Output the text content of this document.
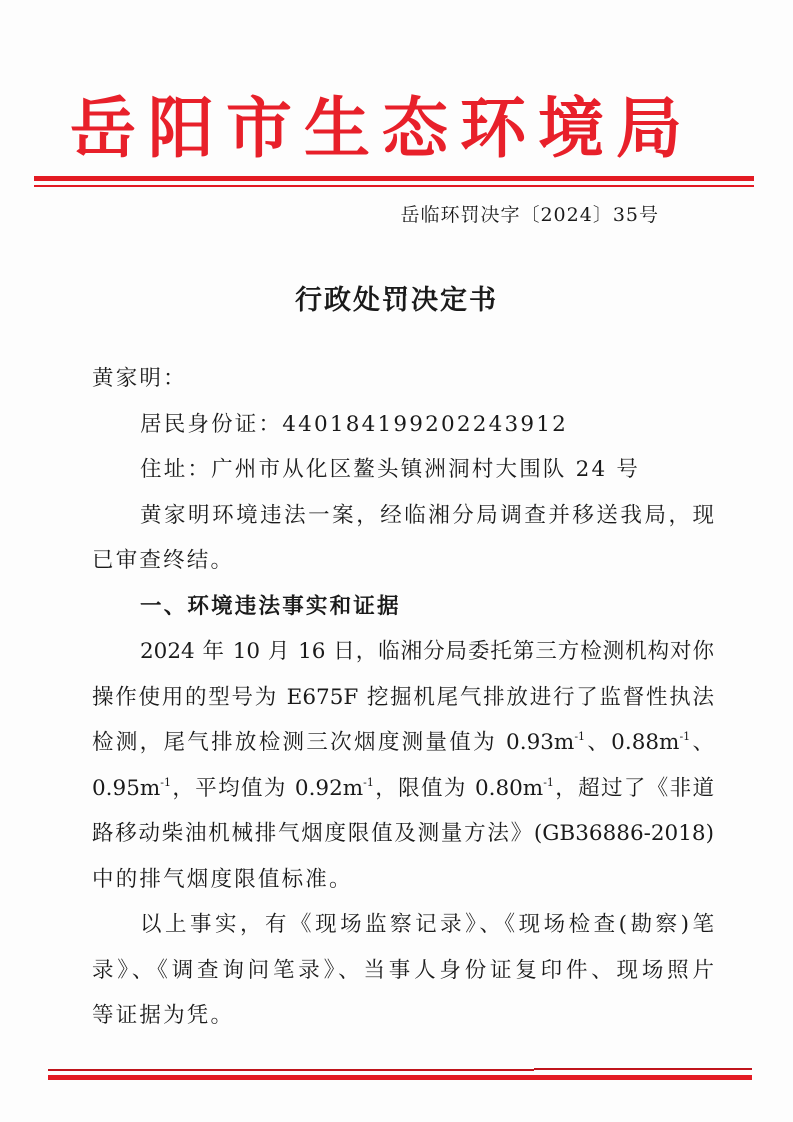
岳阳市生态环境局
岳临环罚决字〔2024〕35号
行政处罚决定书
黄家明：
居民身份证：440184199202243912
住址：广州市从化区鳌头镇洲洞村大围队 24 号
黄家明环境违法一案，经临湘分局调查并移送我局，现
已审查终结。
一、环境违法事实和证据
2024 年 10 月 16 日，临湘分局委托第三方检测机构对你
操作使用的型号为 E675F 挖掘机尾气排放进行了监督性执法
检测，尾气排放检测三次烟度测量值为 $0.93m^{-1}$、$0.88m^{-1}$、
$0.95m^{-1}$，平均值为 $0.92m^{-1}$，限值为 $0.80m^{-1}$，超过了《非道
路移动柴油机械排气烟度限值及测量方法》(GB36886-2018)
中的排气烟度限值标准。
以上事实，有《现场监察记录》、《现场检查(勘察)笔
录》、《调查询问笔录》、当事人身份证复印件、现场照片
等证据为凭。
